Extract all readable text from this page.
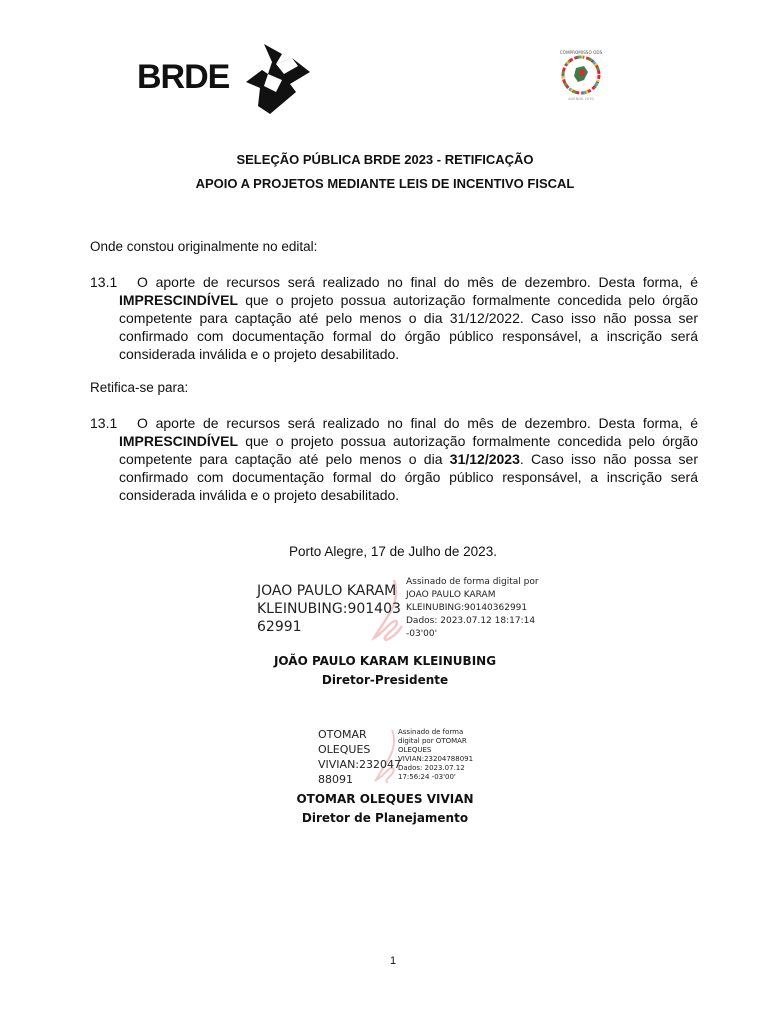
BRDE
COMPROMISSO ODS
AGENDA 2030
SELEÇÃO PÚBLICA BRDE 2023 - RETIFICAÇÃO
APOIO A PROJETOS MEDIANTE LEIS DE INCENTIVO FISCAL
Onde constou originalmente no edital:
13.1	O aporte de recursos será realizado no final do mês de dezembro. Desta forma, é IMPRESCINDÍVEL que o projeto possua autorização formalmente concedida pelo órgão competente para captação até pelo menos o dia 31/12/2022. Caso isso não possa ser confirmado com documentação formal do órgão público responsável, a inscrição será considerada inválida e o projeto desabilitado.
Retifica-se para:
13.1	O aporte de recursos será realizado no final do mês de dezembro. Desta forma, é IMPRESCINDÍVEL que o projeto possua autorização formalmente concedida pelo órgão competente para captação até pelo menos o dia 31/12/2023. Caso isso não possa ser confirmado com documentação formal do órgão público responsável, a inscrição será considerada inválida e o projeto desabilitado.
Porto Alegre, 17 de Julho de 2023.
JOAO PAULO KARAM
KLEINUBING:901403
62991
Assinado de forma digital por
JOAO PAULO KARAM
KLEINUBING:90140362991
Dados: 2023.07.12 18:17:14
-03'00'
JOÃO PAULO KARAM KLEINUBING
Diretor-Presidente
OTOMAR
OLEQUES
VIVIAN:232047
88091
Assinado de forma
digital por OTOMAR
OLEQUES
VIVIAN:23204788091
Dados: 2023.07.12
17:56:24 -03'00'
OTOMAR OLEQUES VIVIAN
Diretor de Planejamento
1
